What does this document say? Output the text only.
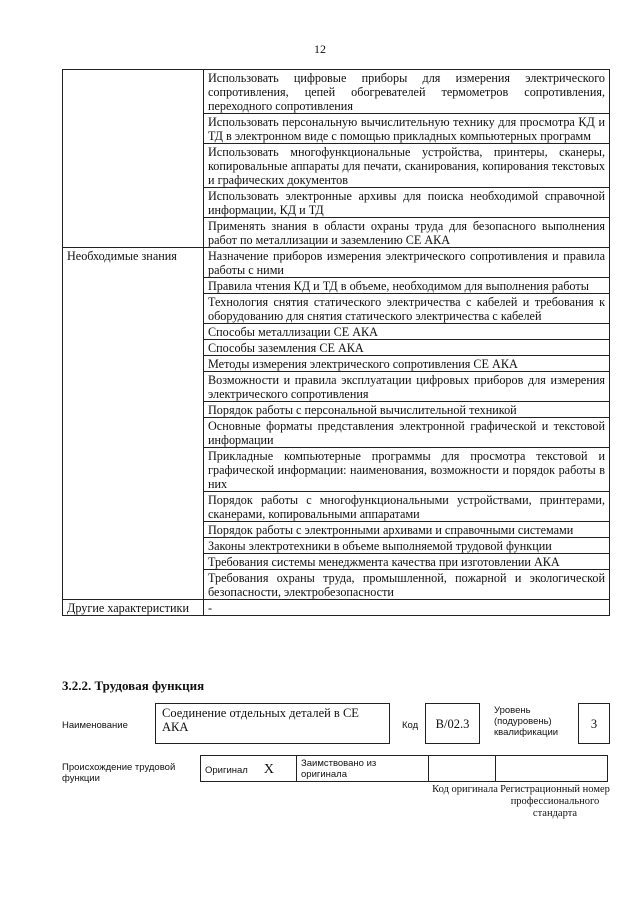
12
	Использовать цифровые приборы для измерения электрического сопротивления, цепей обогревателей термометров сопротивления, переходного сопротивления
	Использовать персональную вычислительную технику для просмотра КД и ТД в электронном виде с помощью прикладных компьютерных программ
	Использовать многофункциональные устройства, принтеры, сканеры, копировальные аппараты для печати, сканирования, копирования текстовых и графических документов
	Использовать электронные архивы для поиска необходимой справочной информации, КД и ТД
	Применять знания в области охраны труда для безопасного выполнения работ по металлизации и заземлению СЕ АКА
Необходимые знания	Назначение приборов измерения электрического сопротивления и правила работы с ними
	Правила чтения КД и ТД в объеме, необходимом для выполнения работы
	Технология снятия статического электричества с кабелей и требования к оборудованию для снятия статического электричества с кабелей
	Способы металлизации СЕ АКА
	Способы заземления СЕ АКА
	Методы измерения электрического сопротивления СЕ АКА
	Возможности и правила эксплуатации цифровых приборов для измерения электрического сопротивления
	Порядок работы с персональной вычислительной техникой
	Основные форматы представления электронной графической и текстовой информации
	Прикладные компьютерные программы для просмотра текстовой и графической информации: наименования, возможности и порядок работы в них
	Порядок работы с многофункциональными устройствами, принтерами, сканерами, копировальными аппаратами
	Порядок работы с электронными архивами и справочными системами
	Законы электротехники в объеме выполняемой трудовой функции
	Требования системы менеджмента качества при изготовлении АКА
	Требования охраны труда, промышленной, пожарной и экологической безопасности, электробезопасности
Другие характеристики	-
3.2.2. Трудовая функция
Наименование
Соединение отдельных деталей в СЕ АКА	Код	В/02.3
Уровень (подуровень) квалификации
3
Происхождение трудовой функции
Оригинал X	Заимствовано из оригинала		
Код оригинала Регистрационный номер профессионального стандарта
